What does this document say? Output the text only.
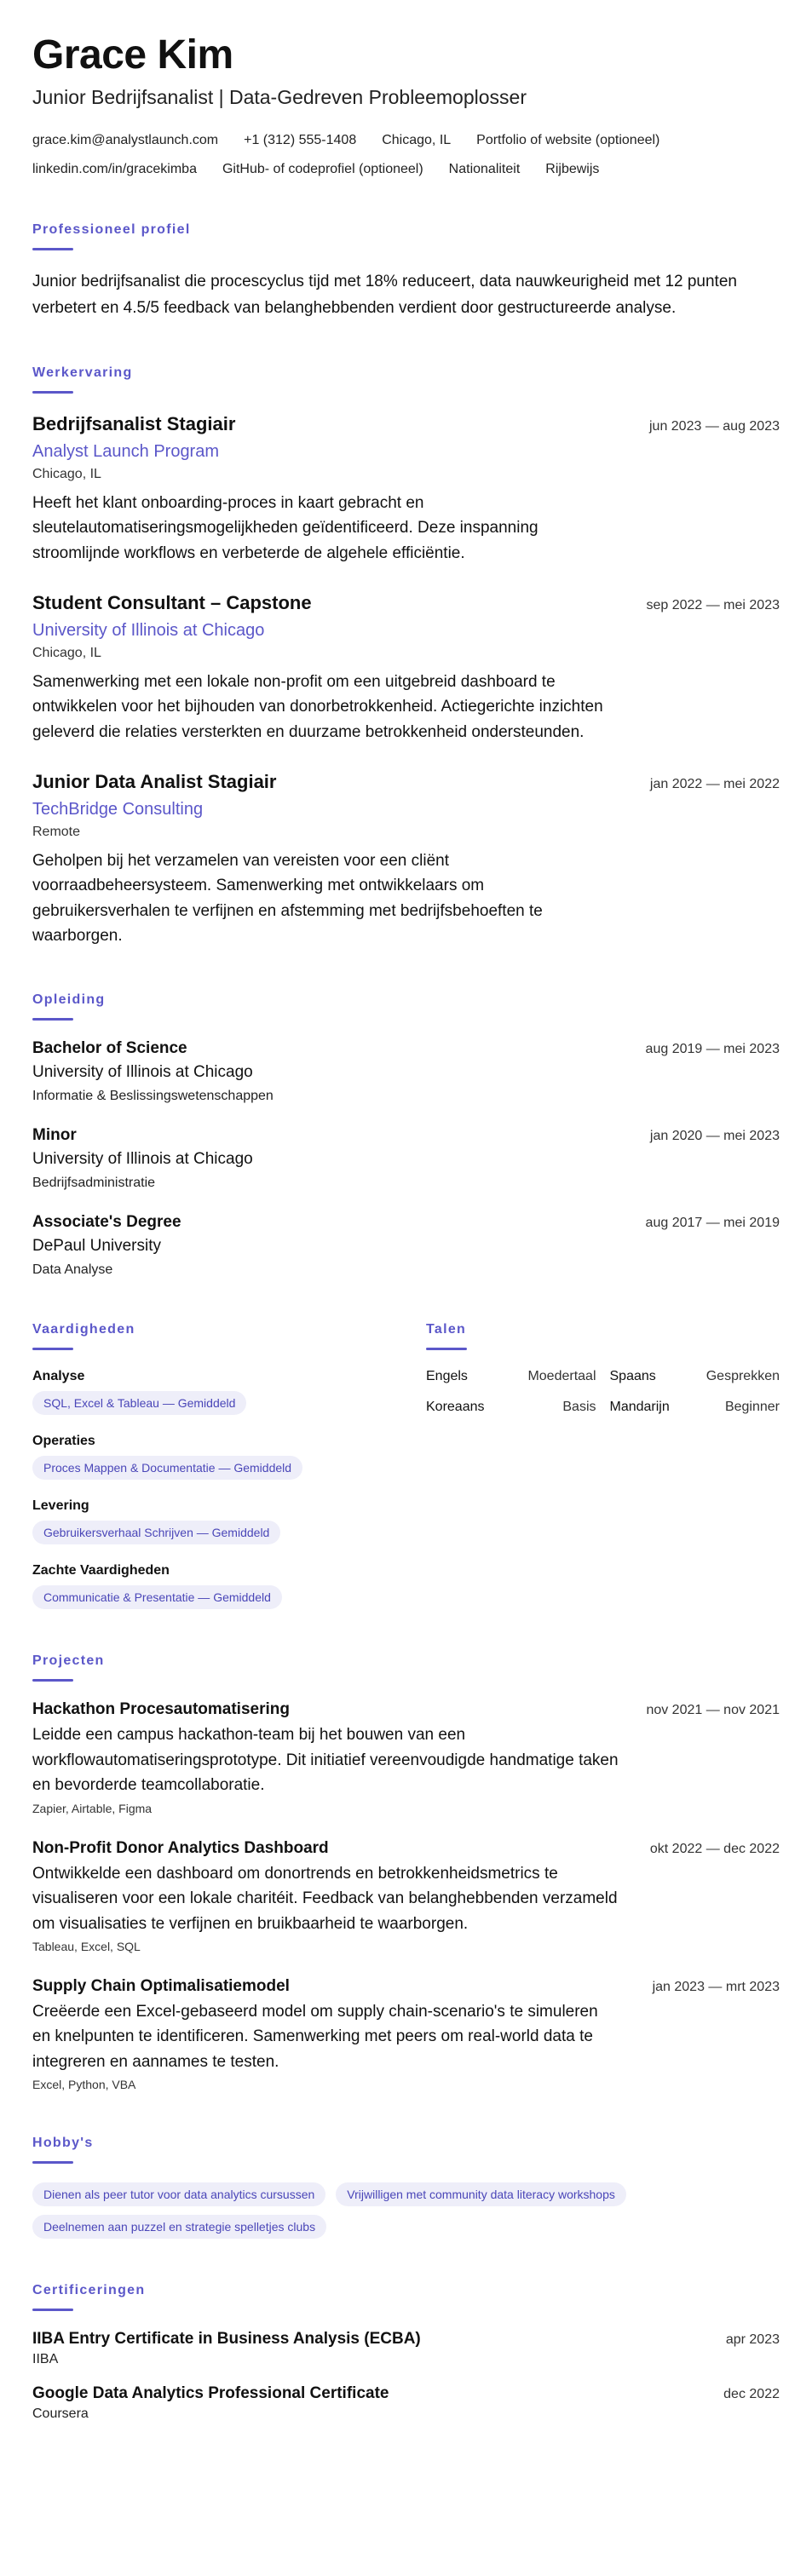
Grace Kim
Junior Bedrijfsanalist | Data-Gedreven Probleemoplosser
grace.kim@analystlaunch.com +1 (312) 555-1408 Chicago, IL Portfolio of website (optioneel)
linkedin.com/in/gracekimba GitHub- of codeprofiel (optioneel) Nationaliteit Rijbewijs
Professioneel profiel

Junior bedrijfsanalist die procescyclus tijd met 18% reduceert, data nauwkeurigheid met 12 punten verbetert en 4.5/5 feedback van belanghebbenden verdient door gestructureerde analyse.

Werkervaring
Bedrijfsanalist Stagiair	jun 2023 — aug 2023
Analyst Launch Program
Chicago, IL

Heeft het klant onboarding-proces in kaart gebracht en sleutelautomatiseringsmogelijkheden geïdentificeerd. Deze inspanning stroomlijnde workflows en verbeterde de algehele efficiëntie.

Student Consultant – Capstone	sep 2022 — mei 2023
University of Illinois at Chicago
Chicago, IL

Samenwerking met een lokale non-profit om een uitgebreid dashboard te ontwikkelen voor het bijhouden van donorbetrokkenheid. Actiegerichte inzichten geleverd die relaties versterkten en duurzame betrokkenheid ondersteunden.

Junior Data Analist Stagiair	jan 2022 — mei 2022
TechBridge Consulting
Remote

Geholpen bij het verzamelen van vereisten voor een cliënt voorraadbeheersysteem. Samenwerking met ontwikkelaars om gebruikersverhalen te verfijnen en afstemming met bedrijfsbehoeften te waarborgen.

Opleiding
Bachelor of Science	aug 2019 — mei 2023
University of Illinois at Chicago
Informatie & Beslissingswetenschappen
Minor	jan 2020 — mei 2023
University of Illinois at Chicago
Bedrijfsadministratie
Associate's Degree	aug 2017 — mei 2019
DePaul University
Data Analyse
Vaardigheden
Analyse
SQL, Excel & Tableau — Gemiddeld
Operaties
Proces Mappen & Documentatie — Gemiddeld
Levering
Gebruikersverhaal Schrijven — Gemiddeld
Zachte Vaardigheden
Communicatie & Presentatie — Gemiddeld
Talen
Engels	Moedertaal Spaans	Gesprekken
Koreaans	Basis Mandarijn	Beginner
Projecten
Hackathon Procesautomatisering	nov 2021 — nov 2021

Leidde een campus hackathon-team bij het bouwen van een workflowautomatiseringsprototype. Dit initiatief vereenvoudigde handmatige taken en bevorderde teamcollaboratie.

Zapier, Airtable, Figma
Non-Profit Donor Analytics Dashboard	okt 2022 — dec 2022

Ontwikkelde een dashboard om donortrends en betrokkenheidsmetrics te visualiseren voor een lokale charitéit. Feedback van belanghebbenden verzameld om visualisaties te verfijnen en bruikbaarheid te waarborgen.

Tableau, Excel, SQL
Supply Chain Optimalisatiemodel	jan 2023 — mrt 2023

Creëerde een Excel-gebaseerd model om supply chain-scenario's te simuleren en knelpunten te identificeren. Samenwerking met peers om real-world data te integreren en aannames te testen.

Excel, Python, VBA
Hobby's
Dienen als peer tutor voor data analytics cursussen	Vrijwilligen met community data literacy workshops
Deelnemen aan puzzel en strategie spelletjes clubs
Certificeringen
IIBA Entry Certificate in Business Analysis (ECBA)	apr 2023
IIBA
Google Data Analytics Professional Certificate	dec 2022
Coursera
